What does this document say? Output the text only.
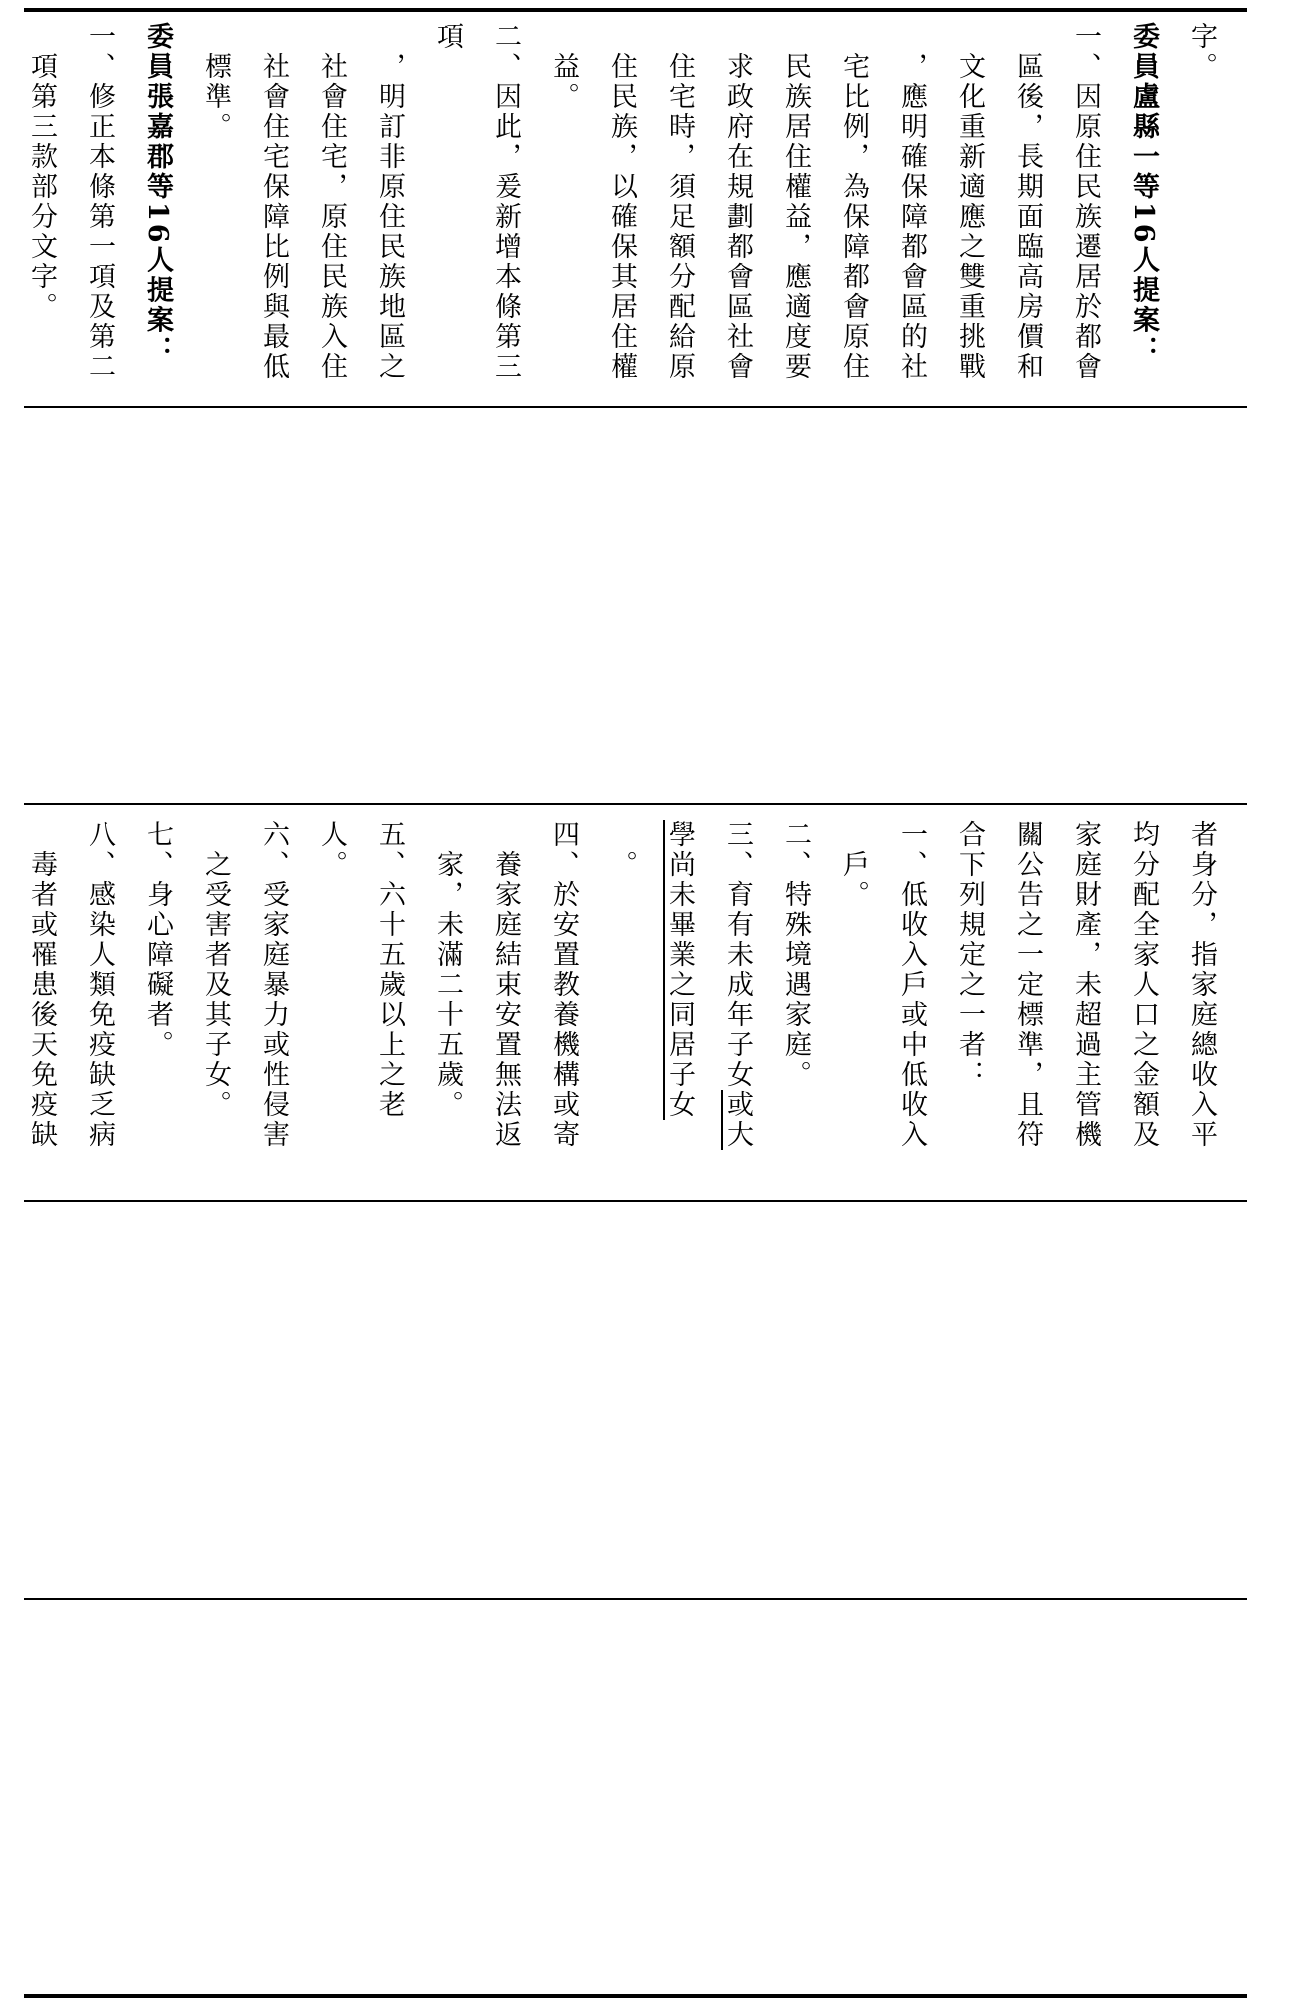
字。

委員盧縣一等16人提案：

一、因原住民族遷居於都會

　區後，長期面臨高房價和

　文化重新適應之雙重挑戰

　，應明確保障都會區的社

　宅比例，為保障都會原住

　民族居住權益，應適度要

　求政府在規劃都會區社會

　住宅時，須足額分配給原

　住民族，以確保其居住權

　益。

二、因此，爰新增本條第三項

　，明訂非原住民族地區之

　社會住宅，原住民族入住

　社會住宅保障比例與最低

　標準。

委員張嘉郡等16人提案：

一、修正本條第一項及第二

　項第三款部分文字。

者身分，指家庭總收入平

均分配全家人口之金額及

家庭財產，未超過主管機

關公告之一定標準，且符

合下列規定之一者：

一、低收入戶或中低收入

　戶。

二、特殊境遇家庭。

三、育有未成年子女或大

學尚未畢業之同居子女

　。

四、於安置教養機構或寄

　養家庭結束安置無法返

　家，未滿二十五歲。

五、六十五歲以上之老人。

六、受家庭暴力或性侵害

　之受害者及其子女。

七、身心障礙者。

八、感染人類免疫缺乏病

　毒者或罹患後天免疫缺
